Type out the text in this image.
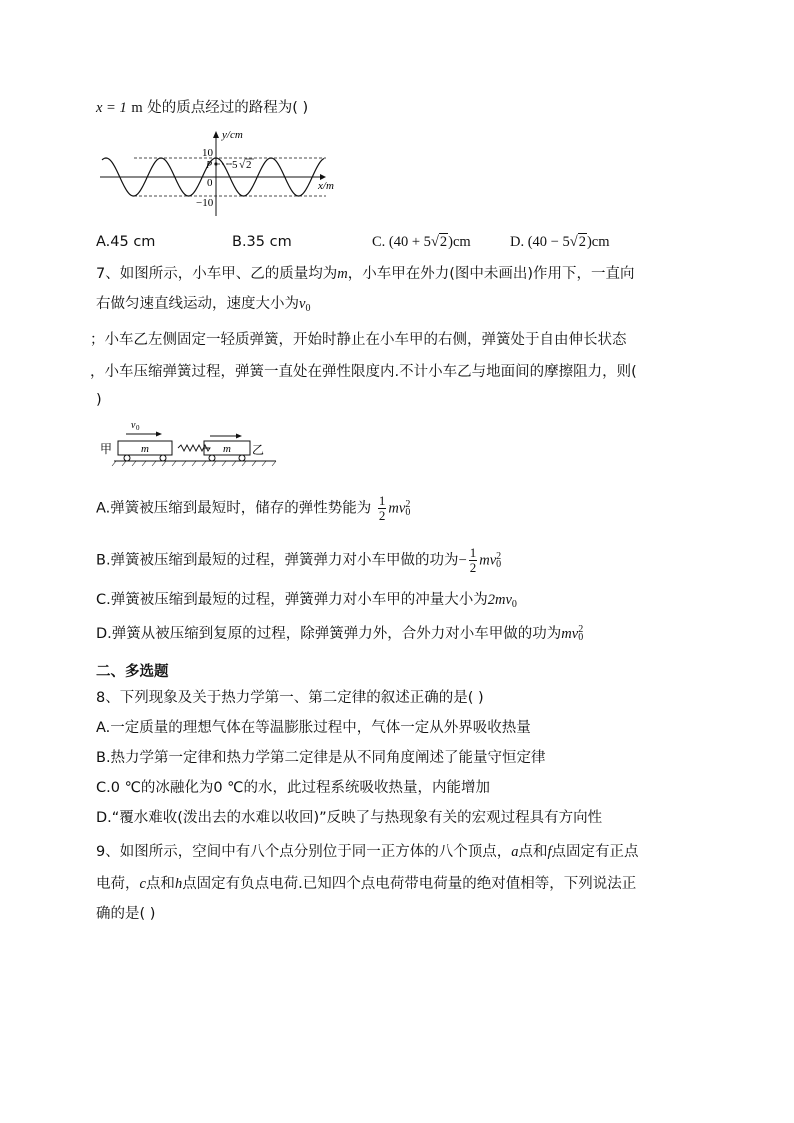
x = 1 m 处的质点经过的路程为( )
y/cm
x/m
10
0
−10
P 5 √ 2
A.45 cm	B.35 cm	C. (40 + 5√2)cm	D. (40 − 5√2)cm
7、如图所示，小车甲、乙的质量均为m，小车甲在外力(图中未画出)作用下，一直向
右做匀速直线运动，速度大小为$v_0$
；小车乙左侧固定一轻质弹簧，开始时静止在小车甲的右侧，弹簧处于自由伸长状态
，小车压缩弹簧过程，弹簧一直处在弹性限度内.不计小车乙与地面间的摩擦阻力，则(
)
甲	m
v 0
m 乙
A.弹簧被压缩到最短时，储存的弹性势能为 $\frac{1}{2}$ mv 2
0
B.弹簧被压缩到最短的过程，弹簧弹力对小车甲做的功为− $\frac{1}{2}$ mv 2
0
C.弹簧被压缩到最短的过程，弹簧弹力对小车甲的冲量大小为$2mv_0$
D.弹簧从被压缩到复原的过程，除弹簧弹力外，合外力对小车甲做的功为mv 2
0
二、多选题
8、下列现象及关于热力学第一、第二定律的叙述正确的是( )
A.一定质量的理想气体在等温膨胀过程中，气体一定从外界吸收热量
B.热力学第一定律和热力学第二定律是从不同角度阐述了能量守恒定律
C.0 ℃的冰融化为0 ℃的水，此过程系统吸收热量，内能增加
D.“覆水难收(泼出去的水难以收回)”反映了与热现象有关的宏观过程具有方向性
9、如图所示，空间中有八个点分别位于同一正方体的八个顶点，a点和f点固定有正点
电荷，c点和h点固定有负点电荷.已知四个点电荷带电荷量的绝对值相等，下列说法正
确的是( )
